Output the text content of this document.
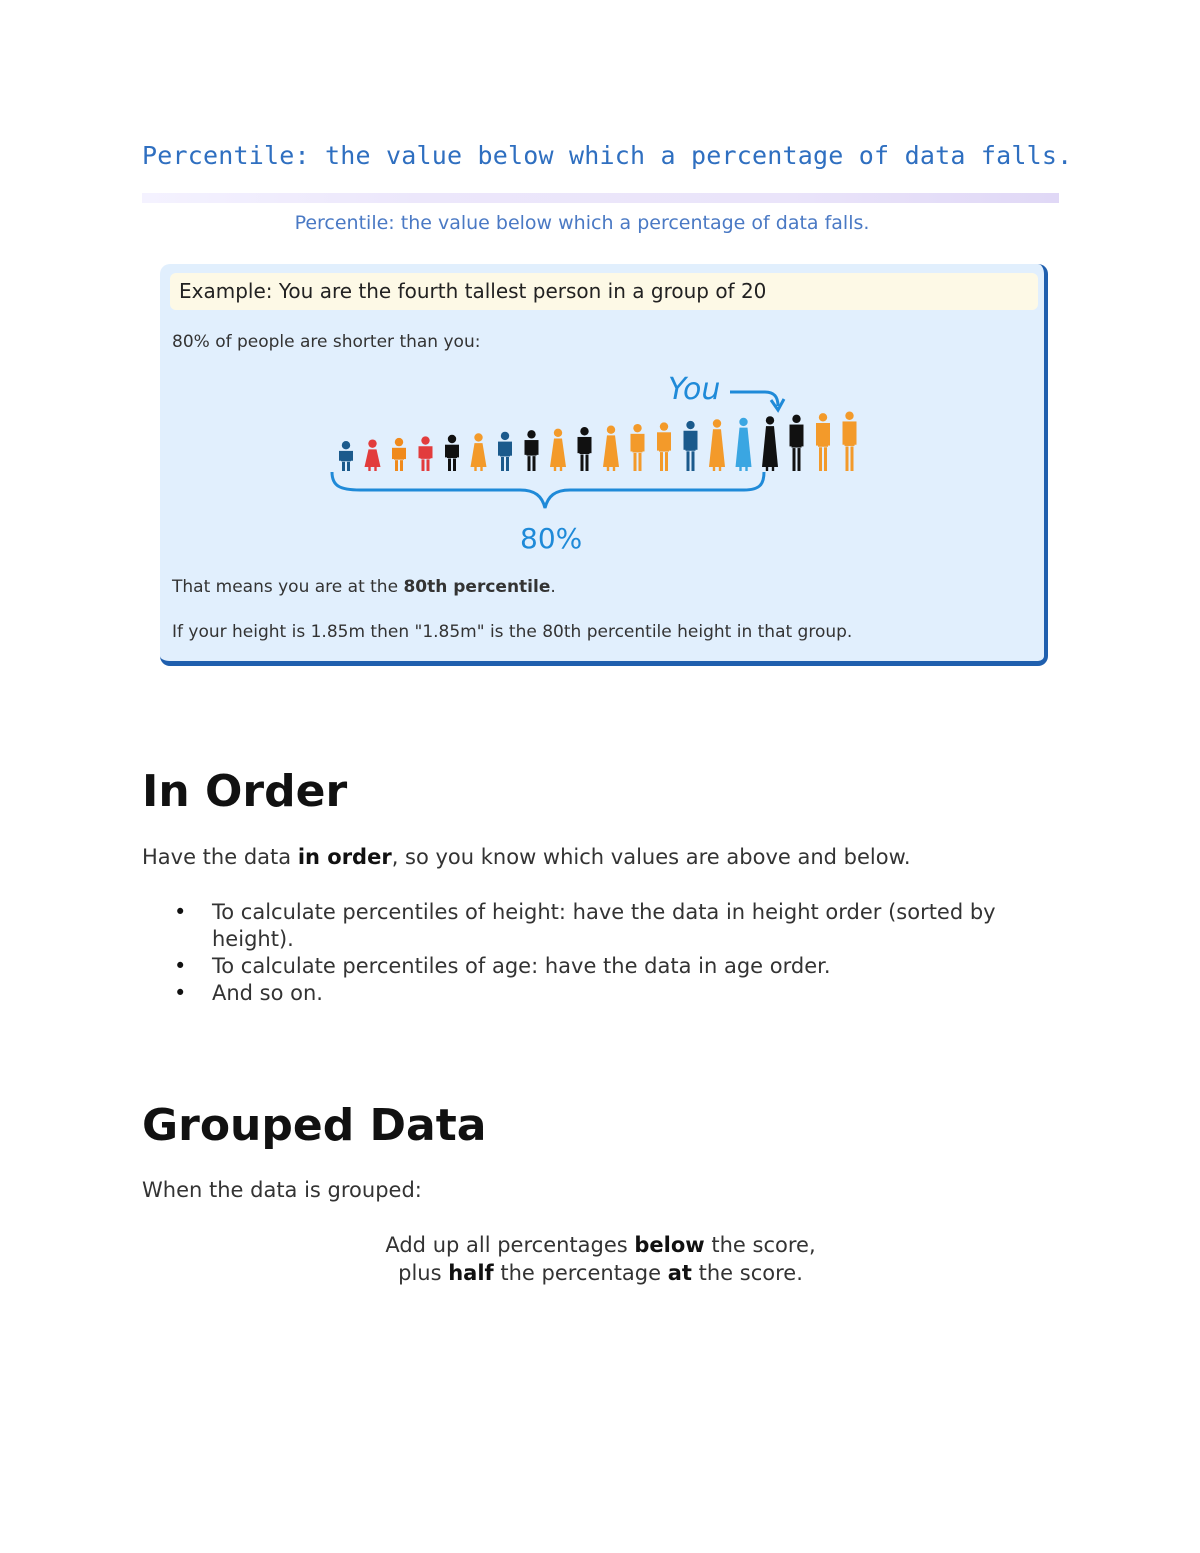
Percentile: the value below which a percentage of data falls.
Percentile: the value below which a percentage of data falls.
Example: You are the fourth tallest person in a group of 20
80% of people are shorter than you:
That means you are at the 80th percentile.
If your height is 1.85m then "1.85m" is the 80th percentile height in that group.
80%
You
In Order
Have the data in order, so you know which values are above and below.
• To calculate percentiles of height: have the data in height order (sorted by height).
• To calculate percentiles of age: have the data in age order.
• And so on.
Grouped Data
When the data is grouped:
Add up all percentages below the score,
plus half the percentage at the score.
